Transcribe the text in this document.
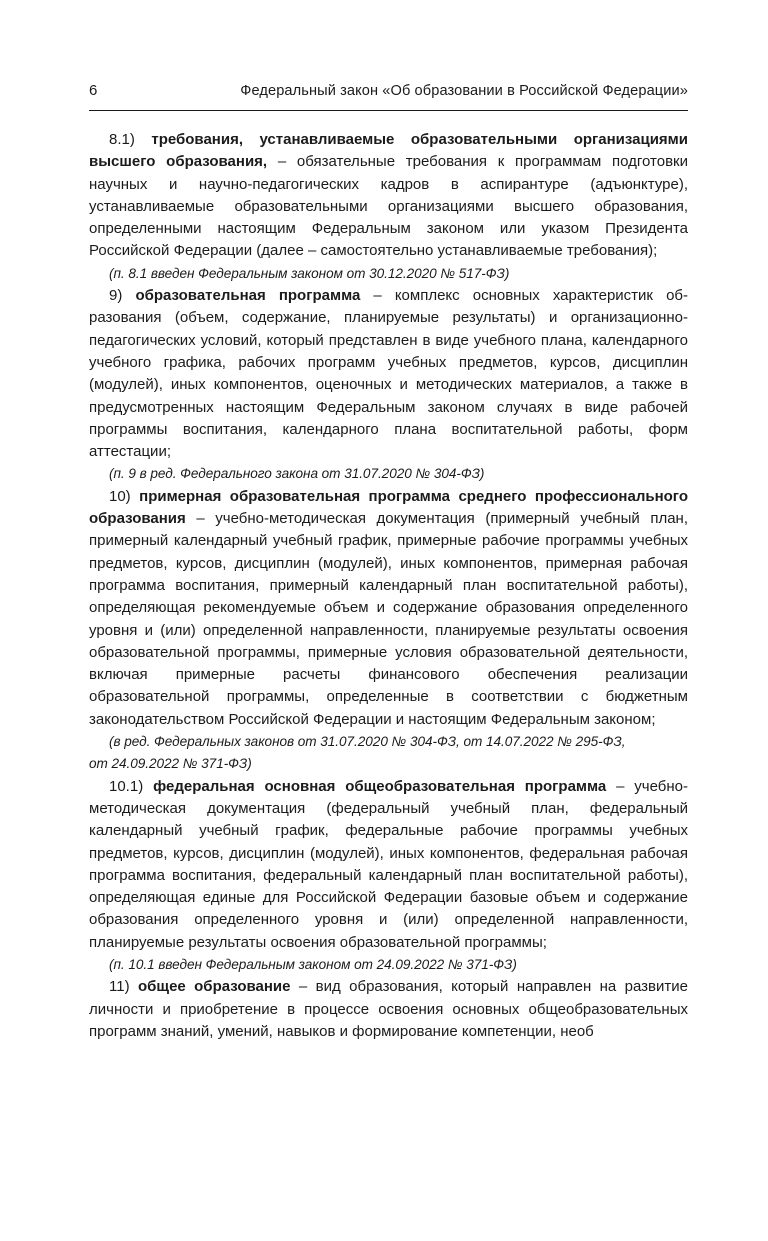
6	Федеральный закон «Об образовании в Российской Федерации»

8.1) требования, устанавливаемые образовательными организациями высшего образования, – обязательные требования к программам подготовки научных и научно-педагогических кадров в аспирантуре (адъюнктуре), устанавливаемые образовательными организациями высшего образования, определенными настоящим Федеральным законом или указом Президента Российской Федерации (далее – самостоятельно устанавливаемые требования);

(п. 8.1 введен Федеральным законом от 30.12.2020 № 517-ФЗ)

9) образовательная программа – комплекс основных характеристик образования (объем, содержание, планируемые результаты) и организационно-педагогических условий, который представлен в виде учебного плана, календарного учебного графика, рабочих программ учебных предметов, курсов, дисциплин (модулей), иных компонентов, оценочных и методических материалов, а также в предусмотренных настоящим Федеральным законом случаях в виде рабочей программы воспитания, календарного плана воспитательной работы, форм аттестации;

(п. 9 в ред. Федерального закона от 31.07.2020 № 304-ФЗ)

10) примерная образовательная программа среднего профессионального образования – учебно-методическая документация (примерный учебный план, примерный календарный учебный график, примерные рабочие программы учебных предметов, курсов, дисциплин (модулей), иных компонентов, примерная рабочая программа воспитания, примерный календарный план воспитательной работы), определяющая рекомендуемые объем и содержание образования определенного уровня и (или) определенной направленности, планируемые результаты освоения образовательной программы, примерные условия образовательной деятельности, включая примерные расчеты финансового обеспечения реализации образовательной программы, определенные в соответствии с бюджетным законодательством Российской Федерации и настоящим Федеральным законом;

(в ред. Федеральных законов от 31.07.2020 № 304-ФЗ, от 14.07.2022 № 295-ФЗ,

от 24.09.2022 № 371-ФЗ)

10.1) федеральная основная общеобразовательная программа – учебно-методическая документация (федеральный учебный план, федеральный календарный учебный график, федеральные рабочие программы учебных предметов, курсов, дисциплин (модулей), иных компонентов, федеральная рабочая программа воспитания, федеральный календарный план воспитательной работы), определяющая единые для Российской Федерации базовые объем и содержание образования определенного уровня и (или) определенной направленности, планируемые результаты освоения образовательной программы;

(п. 10.1 введен Федеральным законом от 24.09.2022 № 371-ФЗ)

11) общее образование – вид образования, который направлен на развитие личности и приобретение в процессе освоения основных общеобразовательных программ знаний, умений, навыков и формирование компетенции, необ
